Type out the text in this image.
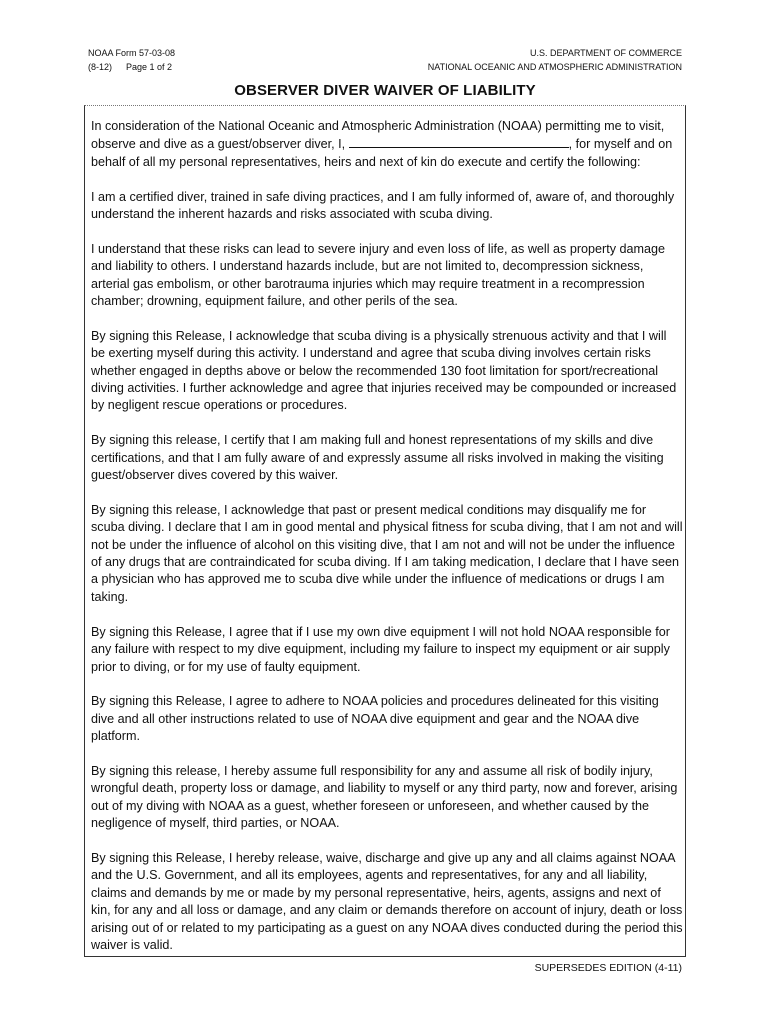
NOAA Form 57-03-08
(8-12) Page 1 of 2
U.S. DEPARTMENT OF COMMERCE
NATIONAL OCEANIC AND ATMOSPHERIC ADMINISTRATION
OBSERVER DIVER WAIVER OF LIABILITY

In consideration of the National Oceanic and Atmospheric Administration (NOAA) permitting me to visit, observe and dive as a guest/observer diver, I,	, for myself and on behalf of all my personal representatives, heirs and next of kin do execute and certify the following:

I am a certified diver, trained in safe diving practices, and I am fully informed of, aware of, and thoroughly understand the inherent hazards and risks associated with scuba diving.

I understand that these risks can lead to severe injury and even loss of life, as well as property damage and liability to others. I understand hazards include, but are not limited to, decompression sickness, arterial gas embolism, or other barotrauma injuries which may require treatment in a recompression chamber; drowning, equipment failure, and other perils of the sea.

By signing this Release, I acknowledge that scuba diving is a physically strenuous activity and that I will be exerting myself during this activity. I understand and agree that scuba diving involves certain risks whether engaged in depths above or below the recommended 130 foot limitation for sport/recreational diving activities. I further acknowledge and agree that injuries received may be compounded or increased by negligent rescue operations or procedures.

By signing this release, I certify that I am making full and honest representations of my skills and dive certifications, and that I am fully aware of and expressly assume all risks involved in making the visiting guest/observer dives covered by this waiver.

By signing this release, I acknowledge that past or present medical conditions may disqualify me for scuba diving. I declare that I am in good mental and physical fitness for scuba diving, that I am not and will not be under the influence of alcohol on this visiting dive, that I am not and will not be under the influence of any drugs that are contraindicated for scuba diving. If I am taking medication, I declare that I have seen a physician who has approved me to scuba dive while under the influence of medications or drugs I am taking.

By signing this Release, I agree that if I use my own dive equipment I will not hold NOAA responsible for any failure with respect to my dive equipment, including my failure to inspect my equipment or air supply prior to diving, or for my use of faulty equipment.

By signing this Release, I agree to adhere to NOAA policies and procedures delineated for this visiting dive and all other instructions related to use of NOAA dive equipment and gear and the NOAA dive platform.

By signing this release, I hereby assume full responsibility for any and assume all risk of bodily injury, wrongful death, property loss or damage, and liability to myself or any third party, now and forever, arising out of my diving with NOAA as a guest, whether foreseen or unforeseen, and whether caused by the negligence of myself, third parties, or NOAA.

By signing this Release, I hereby release, waive, discharge and give up any and all claims against NOAA and the U.S. Government, and all its employees, agents and representatives, for any and all liability, claims and demands by me or made by my personal representative, heirs, agents, assigns and next of kin, for any and all loss or damage, and any claim or demands therefore on account of injury, death or loss arising out of or related to my participating as a guest on any NOAA dives conducted during the period this waiver is valid.

SUPERSEDES EDITION (4-11)
